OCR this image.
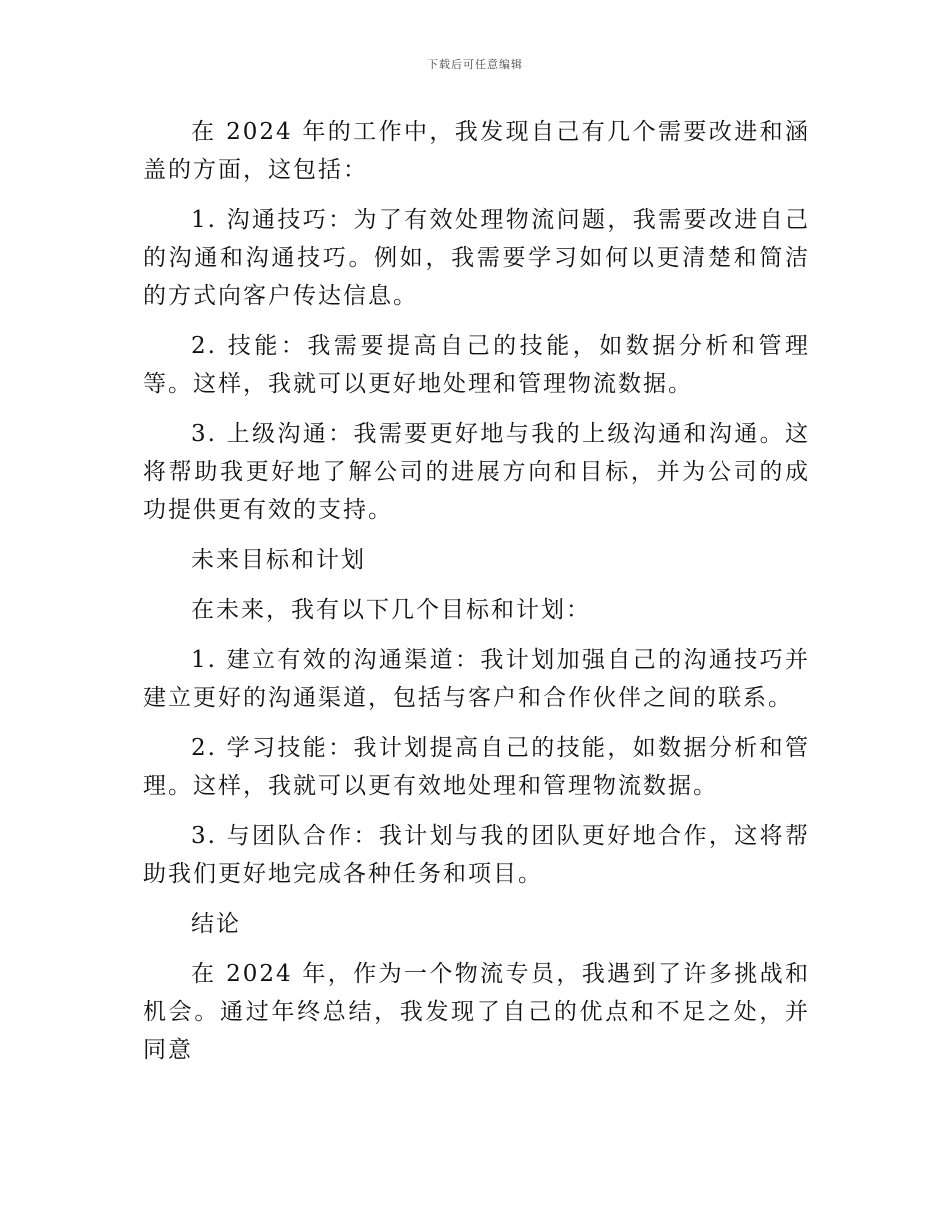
下载后可任意编辑

在 2024 年的工作中，我发现自己有几个需要改进和涵盖的方面，这包括：

1. 沟通技巧：为了有效处理物流问题，我需要改进自己的沟通和沟通技巧。例如，我需要学习如何以更清楚和简洁的方式向客户传达信息。

2. 技能：我需要提高自己的技能，如数据分析和管理等。这样，我就可以更好地处理和管理物流数据。

3. 上级沟通：我需要更好地与我的上级沟通和沟通。这将帮助我更好地了解公司的进展方向和目标，并为公司的成功提供更有效的支持。

未来目标和计划

在未来，我有以下几个目标和计划：

1. 建立有效的沟通渠道：我计划加强自己的沟通技巧并建立更好的沟通渠道，包括与客户和合作伙伴之间的联系。

2. 学习技能：我计划提高自己的技能，如数据分析和管理。这样，我就可以更有效地处理和管理物流数据。

3. 与团队合作：我计划与我的团队更好地合作，这将帮助我们更好地完成各种任务和项目。

结论

在 2024 年，作为一个物流专员，我遇到了许多挑战和机会。通过年终总结，我发现了自己的优点和不足之处，并同意
